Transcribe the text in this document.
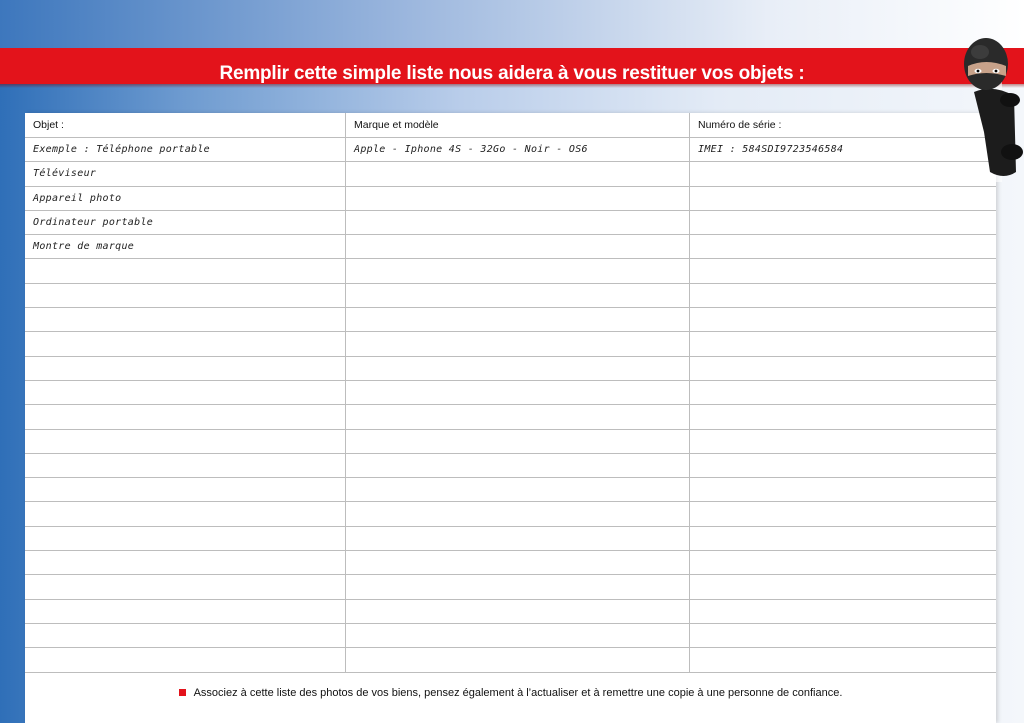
Remplir cette simple liste nous aidera à vous restituer vos objets :
Objet :	Marque et modèle	Numéro de série :
Exemple : Téléphone portable	Apple - Iphone 4S - 32Go - Noir - OS6	IMEI : 584SDI9723546584
Téléviseur
Appareil photo
Ordinateur portable
Montre de marque
Associez à cette liste des photos de vos biens, pensez également à l’actualiser et à remettre une copie à une personne de confiance.
